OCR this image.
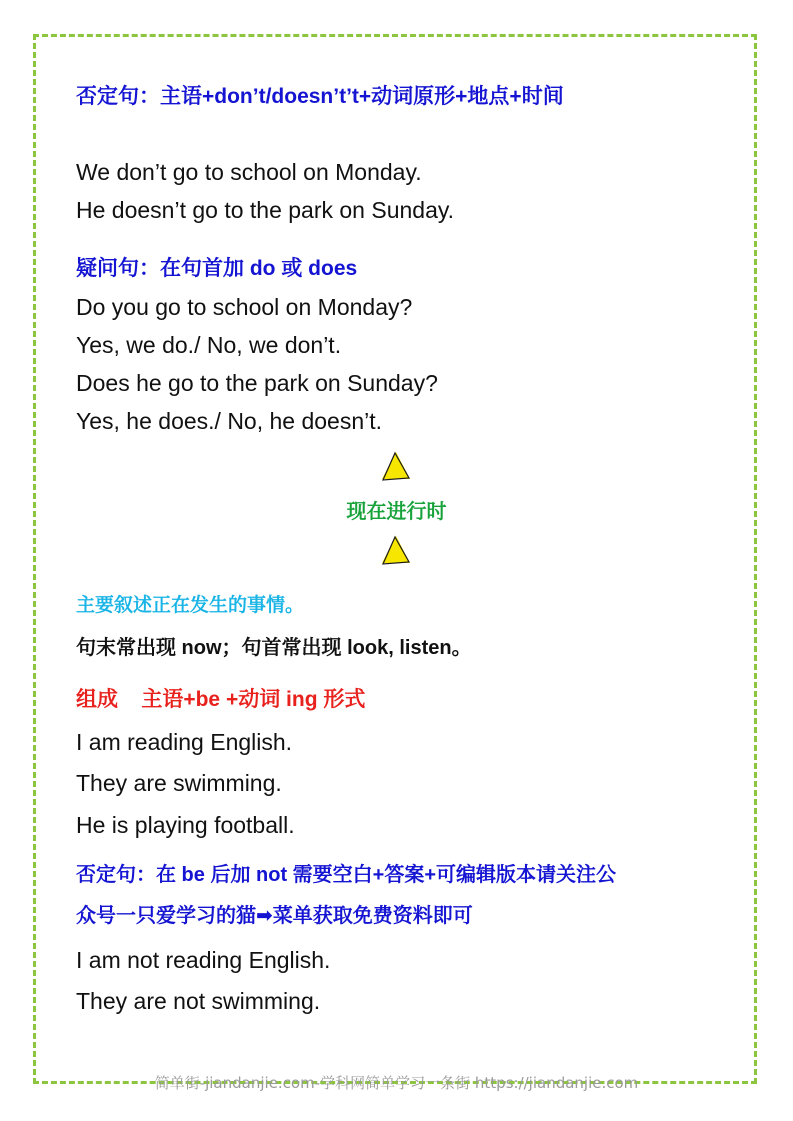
否定句：主语+don’t/doesn’t’t+动词原形+地点+时间
We don’t go to school on Monday.
He doesn’t go to the park on Sunday.
疑问句：在句首加 do 或 does
Do you go to school on Monday?
Yes, we do./ No, we don’t.
Does he go to the park on Sunday?
Yes, he does./ No, he doesn’t.
现在进行时
主要叙述正在发生的事情。
句末常出现 now；句首常出现 look, listen。
组成    主语+be +动词 ing 形式
I am reading English.
They are swimming.
He is playing football.
否定句：在 be 后加 not 需要空白+答案+可编辑版本请关注公
众号一只爱学习的猫➡菜单获取免费资料即可
I am not reading English.
They are not swimming.
简单街-jiandanjie.com-学科网简单学习一条街 https://jiandanjie.com
